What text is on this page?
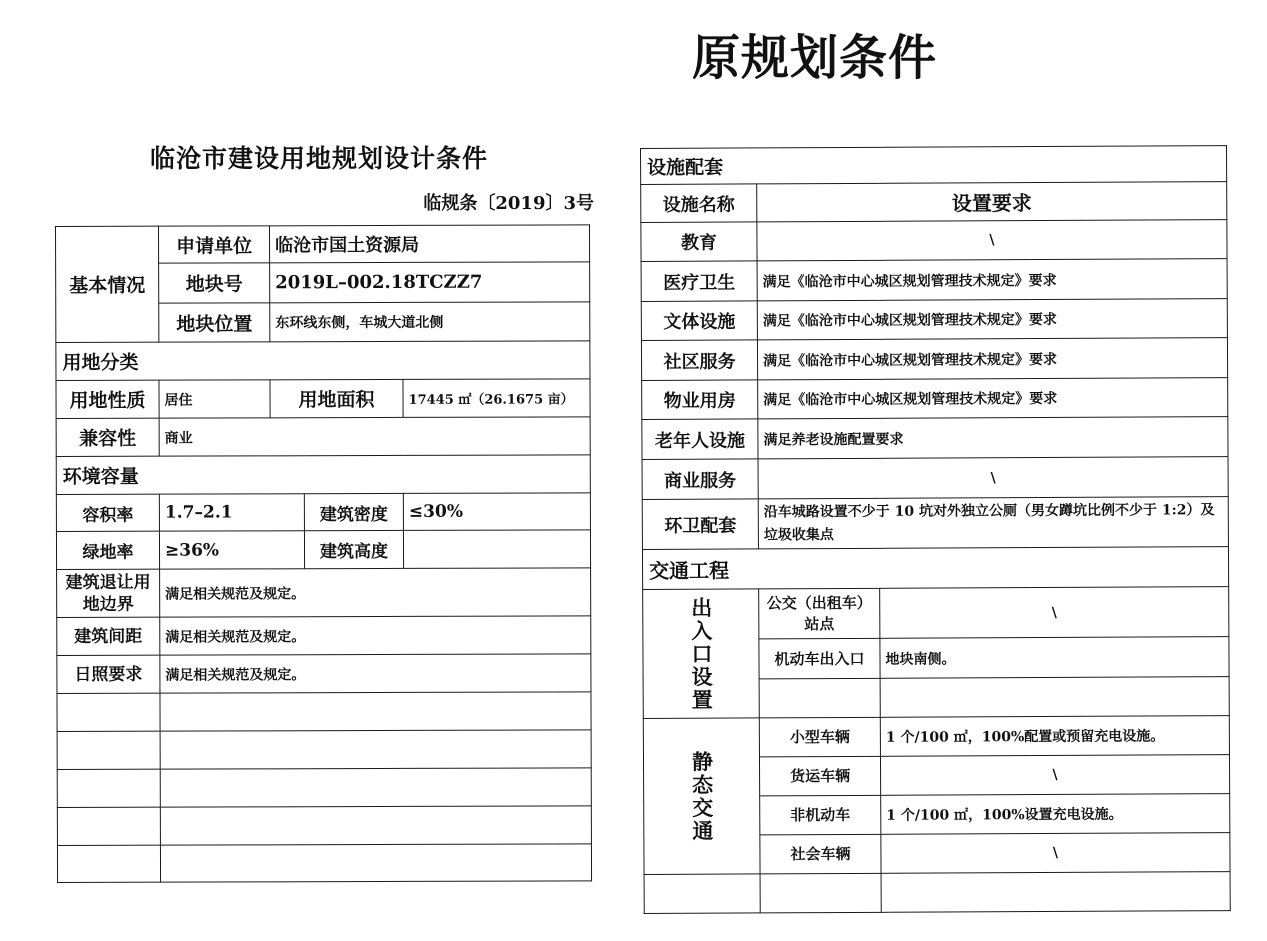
原规划条件
临沧市建设用地规划设计条件
临规条〔2019〕3号
基本情况	申请单位	临沧市国土资源局		
	地块号	2019L–002.18TCZZ7		
	地块位置	东环线东侧，车城大道北侧		
用地分类				
用地性质	居住	用地面积		17445 ㎡（26.1675 亩）
兼容性	商业			
环境容量				
容积率	1.7–2.1		建筑密度	≤30%
绿地率	≥36%		建筑高度	
建筑退让用地边界	满足相关规范及规定。			
建筑间距	满足相关规范及规定。			
日照要求	满足相关规范及规定。			

设施配套		
设施名称	设置要求	
教育	\	
医疗卫生	满足《临沧市中心城区规划管理技术规定》要求	
文体设施	满足《临沧市中心城区规划管理技术规定》要求	
社区服务	满足《临沧市中心城区规划管理技术规定》要求	
物业用房	满足《临沧市中心城区规划管理技术规定》要求	
老年人设施	满足养老设施配置要求	
商业服务	\	
环卫配套	沿车城路设置不少于 10 坑对外独立公厕（男女蹲坑比例不少于 1:2）及垃圾收集点	
交通工程		

出入口设置	公交（出租车）站点	\
	机动车出入口	地块南侧。

静态交通	小型车辆	1 个/100 ㎡，100%配置或预留充电设施。
	货运车辆	\
	非机动车	1 个/100 ㎡，100%设置充电设施。
	社会车辆	\
